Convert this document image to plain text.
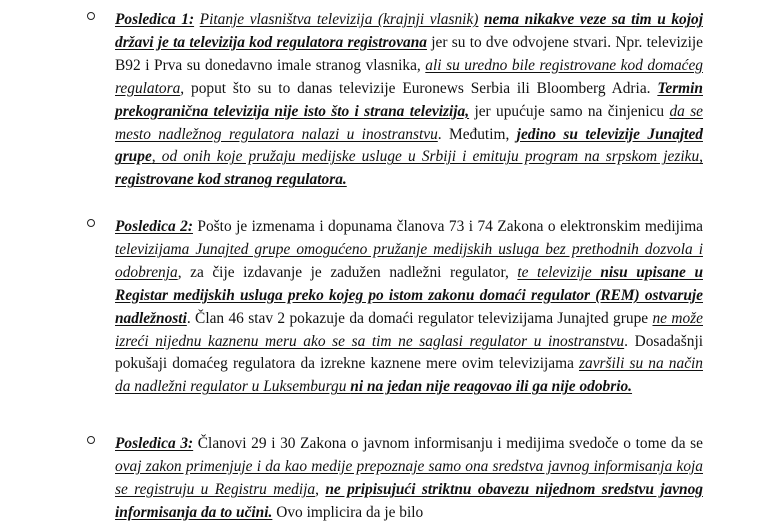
Posledica 1: Pitanje vlasništva televizija (krajnji vlasnik) nema nikakve veze sa tim u kojoj državi je ta televizija kod regulatora registrovana jer su to dve odvojene stvari. Npr. televizije B92 i Prva su donedavno imale stranog vlasnika, ali su uredno bile registrovane kod domaćeg regulatora, poput što su to danas televizije Euronews Serbia ili Bloomberg Adria. Termin prekogranična televizija nije isto što i strana televizija, jer upućuje samo na činjenicu da se mesto nadležnog regulatora nalazi u inostranstvu. Međutim, jedino su televizije Junajted grupe, od onih koje pružaju medijske usluge u Srbiji i emituju program na srpskom jeziku, registrovane kod stranog regulatora.
Posledica 2: Pošto je izmenama i dopunama članova 73 i 74 Zakona o elektronskim medijima televizijama Junajted grupe omogućeno pružanje medijskih usluga bez prethodnih dozvola i odobrenja, za čije izdavanje je zadužen nadležni regulator, te televizije nisu upisane u Registar medijskih usluga preko kojeg po istom zakonu domaći regulator (REM) ostvaruje nadležnosti. Član 46 stav 2 pokazuje da domaći regulator televizijama Junajted grupe ne može izreći nijednu kaznenu meru ako se sa tim ne saglasi regulator u inostranstvu. Dosadašnji pokušaji domaćeg regulatora da izrekne kaznene mere ovim televizijama završili su na način da nadležni regulator u Luksemburgu ni na jedan nije reagovao ili ga nije odobrio.
Posledica 3: Članovi 29 i 30 Zakona o javnom informisanju i medijima svedoče o tome da se ovaj zakon primenjuje i da kao medije prepoznaje samo ona sredstva javnog informisanja koja se registruju u Registru medija, ne pripisujući striktnu obavezu nijednom sredstvu javnog informisanja da to učini. Ovo implicira da je bilo
